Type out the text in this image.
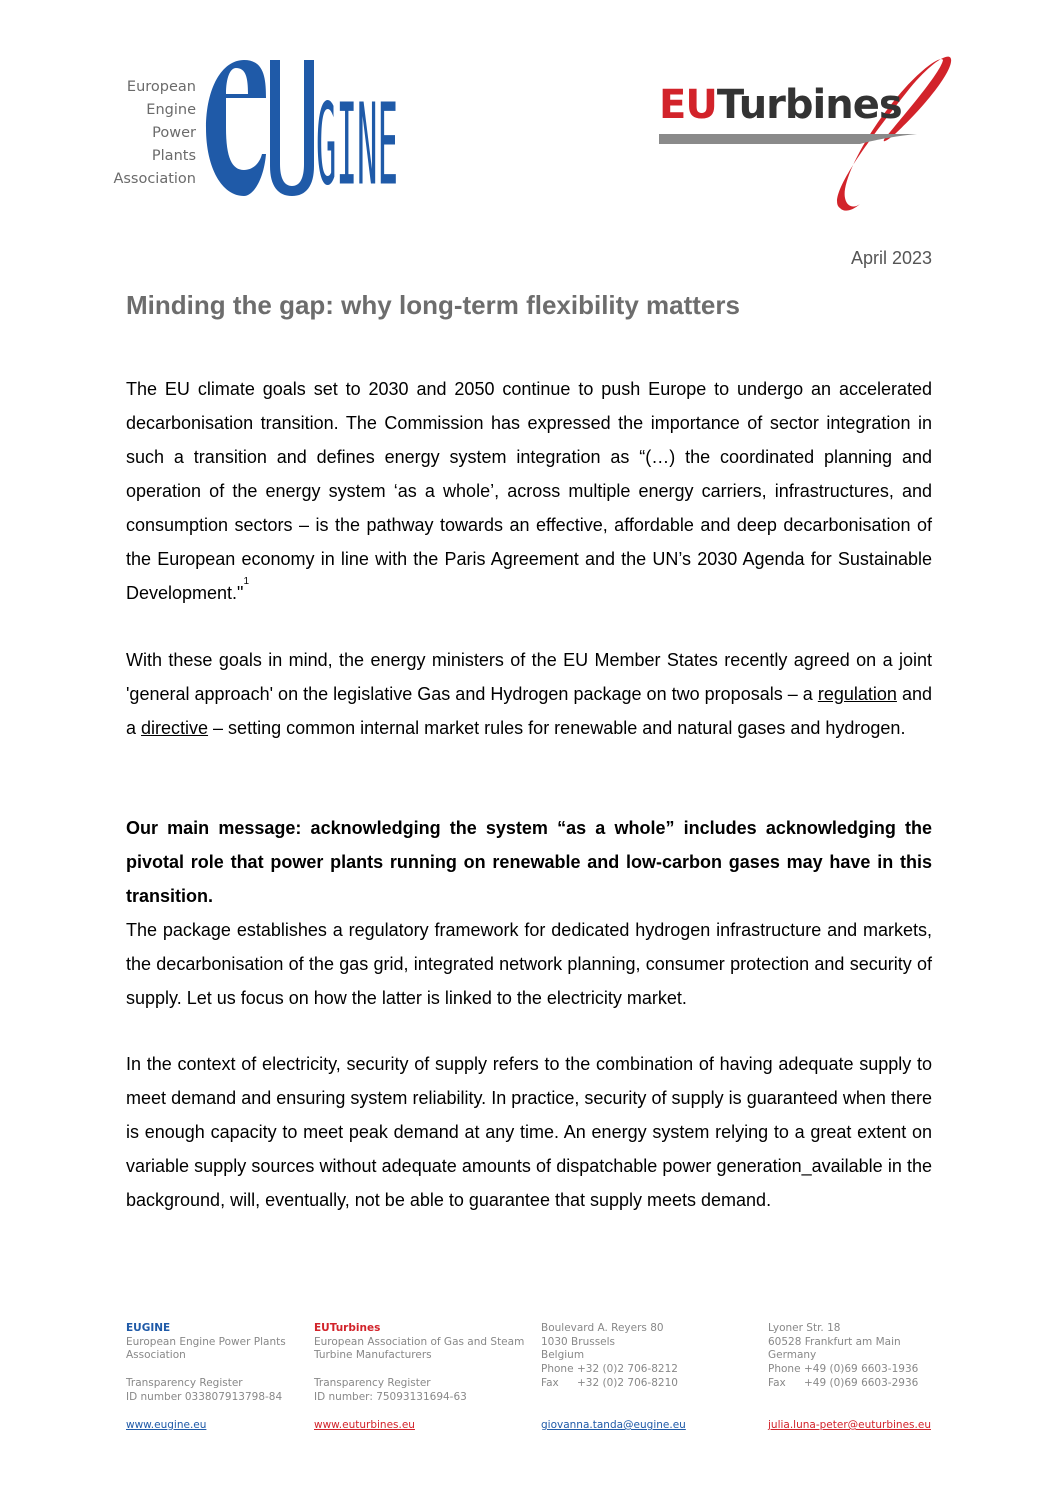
European
Engine
Power
Plants
Association	GINE	EUTurbines
April 2023
Minding the gap: why long-term flexibility matters

The EU climate goals set to 2030 and 2050 continue to push Europe to undergo an accelerated decarbonisation transition. The Commission has expressed the importance of sector integration in such a transition and defines energy system integration as “(…) the coordinated planning and operation of the energy system ‘as a whole’, across multiple energy carriers, infrastructures, and consumption sectors – is the pathway towards an effective, affordable and deep decarbonisation of the European economy in line with the Paris Agreement and the UN’s 2030 Agenda for Sustainable Development."$^1$

With these goals in mind, the energy ministers of the EU Member States recently agreed on a joint 'general approach' on the legislative Gas and Hydrogen package on two proposals – a regulation and a directive – setting common internal market rules for renewable and natural gases and hydrogen.

Our main message: acknowledging the system “as a whole” includes acknowledging the pivotal role that power plants running on renewable and low-carbon gases may have in this transition.

The package establishes a regulatory framework for dedicated hydrogen infrastructure and markets, the decarbonisation of the gas grid, integrated network planning, consumer protection and security of supply. Let us focus on how the latter is linked to the electricity market.

In the context of electricity, security of supply refers to the combination of having adequate supply to meet demand and ensuring system reliability. In practice, security of supply is guaranteed when there is enough capacity to meet peak demand at any time. An energy system relying to a great extent on variable supply sources without adequate amounts of dispatchable power generation_available in the background, will, eventually, not be able to guarantee that supply meets demand.

EUGINE
European Engine Power Plants
Association
Transparency Register
ID number 033807913798-84
www.eugine.eu
EUTurbines
European Association of Gas and Steam
Turbine Manufacturers
Transparency Register
ID number: 75093131694-63
www.euturbines.eu
Boulevard A. Reyers 80
1030 Brussels
Belgium
Phone +32 (0)2 706-8212
Fax +32 (0)2 706-8210
giovanna.tanda@eugine.eu
Lyoner Str. 18
60528 Frankfurt am Main
Germany
Phone +49 (0)69 6603-1936
Fax +49 (0)69 6603-2936
julia.luna-peter@euturbines.eu
